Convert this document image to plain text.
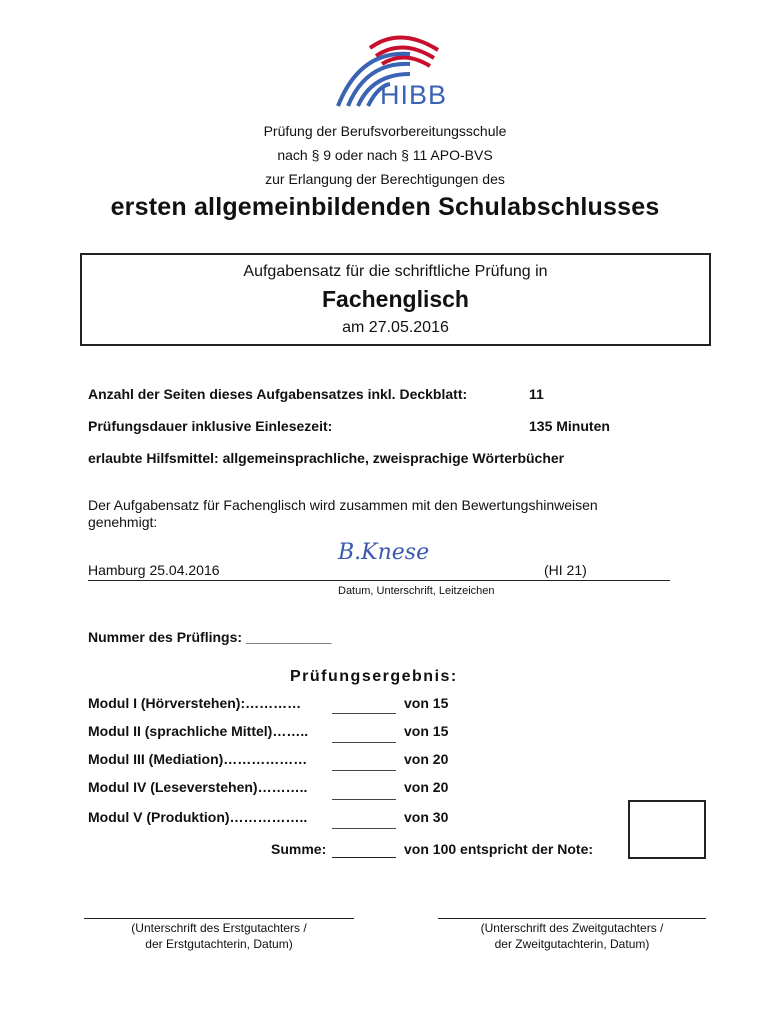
HIBB
Prüfung der Berufsvorbereitungsschule
nach § 9 oder nach § 11 APO-BVS
zur Erlangung der Berechtigungen des
ersten allgemeinbildenden Schulabschlusses
Aufgabensatz für die schriftliche Prüfung in
Fachenglisch
am 27.05.2016
Anzahl der Seiten dieses Aufgabensatzes inkl. Deckblatt:	11
Prüfungsdauer inklusive Einlesezeit:	135 Minuten
erlaubte Hilfsmittel: allgemeinsprachliche, zweisprachige Wörterbücher
Der Aufgabensatz für Fachenglisch wird zusammen mit den Bewertungshinweisen
genehmigt:
Hamburg 25.04.2016
B.Knese
(HI 21)
Datum, Unterschrift, Leitzeichen
Nummer des Prüflings: ___________
Prüfungsergebnis:
Modul I (Hörverstehen):…………	von 15
Modul II (sprachliche Mittel)……..	von 15
Modul III (Mediation)………………	von 20
Modul IV (Leseverstehen)………..	von 20
Modul V (Produktion)……………..	von 30
Summe:	von 100 entspricht der Note:
(Unterschrift des Erstgutachters /
der Erstgutachterin, Datum)
(Unterschrift des Zweitgutachters /
der Zweitgutachterin, Datum)
